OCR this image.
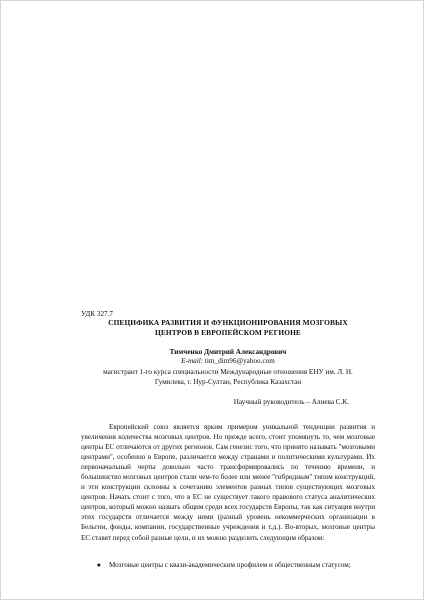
УДК 327.7
СПЕЦИФИКА РАЗВИТИЯ И ФУНКЦИОНИРОВАНИЯ МОЗГОВЫХ
ЦЕНТРОВ В ЕВРОПЕЙСКОМ РЕГИОНЕ
Тимченко Дмитрий Александрович
E-mail: tim_dim96@yahoo.com
магистрант 1-го курса специальности Международные отношения ЕНУ им. Л. Н.
Гумилева, г. Нур-Султан, Республика Казахстан
Научный руководитель – Алиева С.К.

Европейский союз является ярким примером уникальной тенденции развития и увеличения количества мозговых центров. Но прежде всего, стоит упомянуть то, чем мозговые центры ЕС отличаются от других регионов. Сам генезис того, что принято называть "мозговыми центрами", особенно в Европе, различается между странами и политическими культурами. Их первоначальный черты довольно часто трансформировались по течению времени, и большинство мозговых центров стали чем-то более или менее "гибридным" типом конструкций, и эти конструкции склонны к сочетанию элементов разных типов существующих мозговых центров. Начать стоит с того, что в ЕС не существует такого правового статуса аналитических центров, который можно назвать общим среди всех государств Европы, так как ситуация внутри этих государств отличается между ними (разный уровень некоммерческих организации в Бельгии, фонды, компании, государственные учреждения и т.д.). Во-вторых, мозговые центры ЕС ставят перед собой разные цели, и их можно разделить следующим образом:

●	Мозговые центры с квази-академическим профилем и общественным статусом;
